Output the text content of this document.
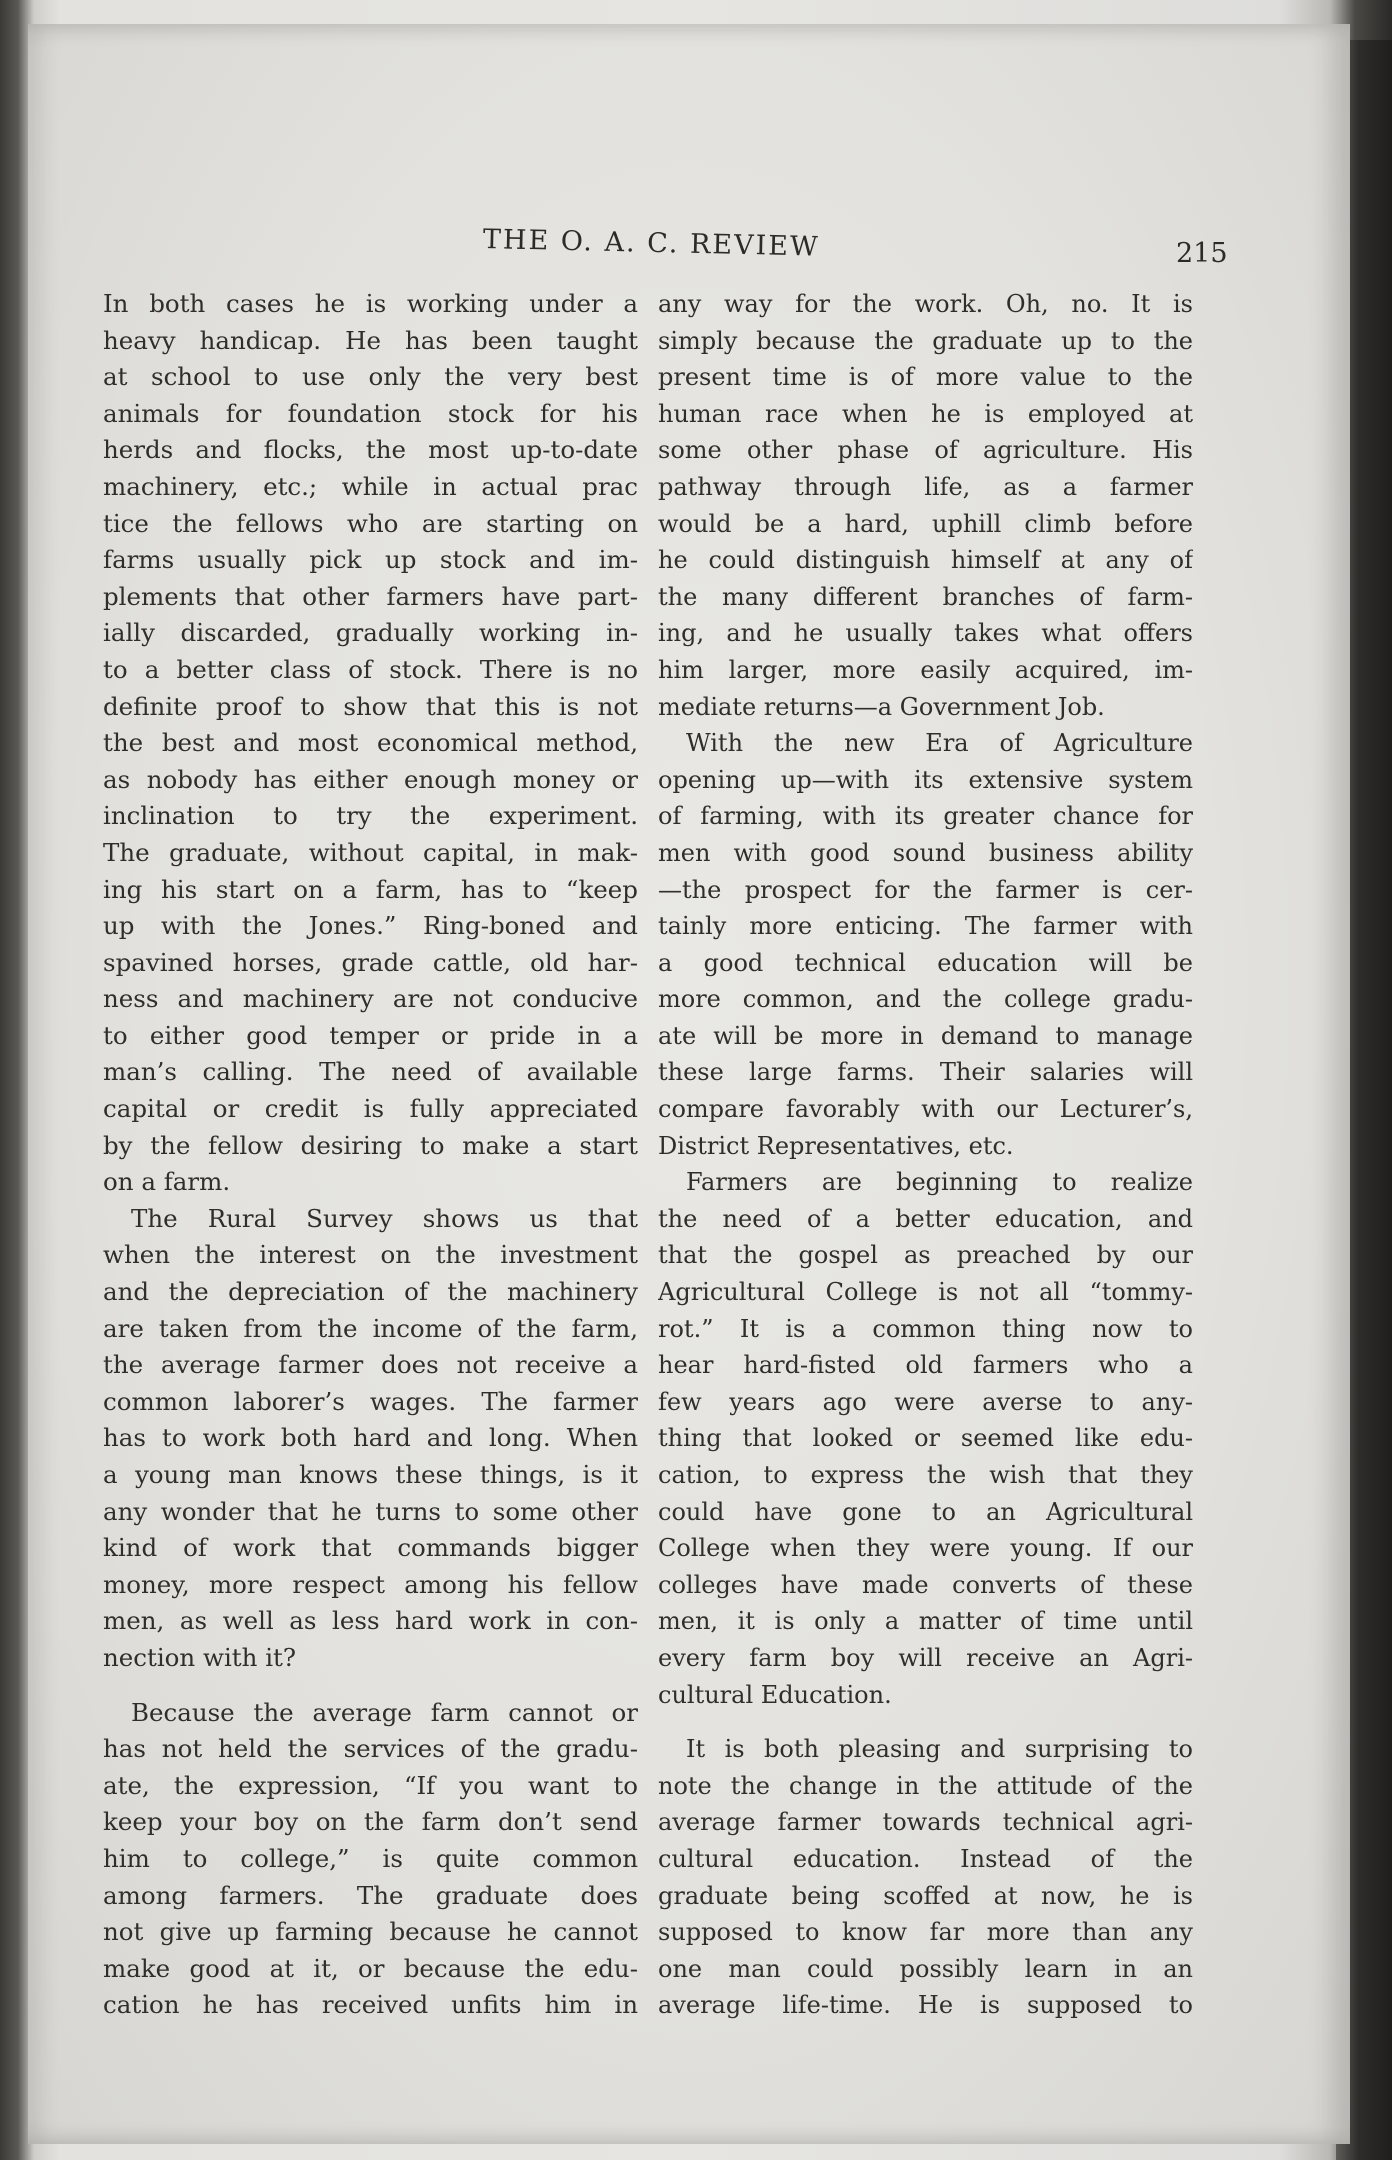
THE O. A. C. REVIEW	215
In both cases he is working under a
heavy handicap. He has been taught
at school to use only the very best
animals for foundation stock for his
herds and flocks, the most up-to-date
machinery, etc.; while in actual prac
tice the fellows who are starting on
farms usually pick up stock and im-
plements that other farmers have part-
ially discarded, gradually working in-
to a better class of stock. There is no
definite proof to show that this is not
the best and most economical method,
as nobody has either enough money or
inclination to try the experiment.
The graduate, without capital, in mak-
ing his start on a farm, has to “keep
up with the Jones.” Ring-boned and
spavined horses, grade cattle, old har-
ness and machinery are not conducive
to either good temper or pride in a
man’s calling. The need of available
capital or credit is fully appreciated
by the fellow desiring to make a start
on a farm.
The Rural Survey shows us that
when the interest on the investment
and the depreciation of the machinery
are taken from the income of the farm,
the average farmer does not receive a
common laborer’s wages. The farmer
has to work both hard and long. When
a young man knows these things, is it
any wonder that he turns to some other
kind of work that commands bigger
money, more respect among his fellow
men, as well as less hard work in con-
nection with it?
Because the average farm cannot or
has not held the services of the gradu-
ate, the expression, “If you want to
keep your boy on the farm don’t send
him to college,” is quite common
among farmers. The graduate does
not give up farming because he cannot
make good at it, or because the edu-
cation he has received unfits him in
any way for the work. Oh, no. It is
simply because the graduate up to the
present time is of more value to the
human race when he is employed at
some other phase of agriculture. His
pathway through life, as a farmer
would be a hard, uphill climb before
he could distinguish himself at any of
the many different branches of farm-
ing, and he usually takes what offers
him larger, more easily acquired, im-
mediate returns—a Government Job.
With the new Era of Agriculture
opening up—with its extensive system
of farming, with its greater chance for
men with good sound business ability
—the prospect for the farmer is cer-
tainly more enticing. The farmer with
a good technical education will be
more common, and the college gradu-
ate will be more in demand to manage
these large farms. Their salaries will
compare favorably with our Lecturer’s,
District Representatives, etc.
Farmers are beginning to realize
the need of a better education, and
that the gospel as preached by our
Agricultural College is not all “tommy-
rot.” It is a common thing now to
hear hard-fisted old farmers who a
few years ago were averse to any-
thing that looked or seemed like edu-
cation, to express the wish that they
could have gone to an Agricultural
College when they were young. If our
colleges have made converts of these
men, it is only a matter of time until
every farm boy will receive an Agri-
cultural Education.
It is both pleasing and surprising to
note the change in the attitude of the
average farmer towards technical agri-
cultural education. Instead of the
graduate being scoffed at now, he is
supposed to know far more than any
one man could possibly learn in an
average life-time. He is supposed to
